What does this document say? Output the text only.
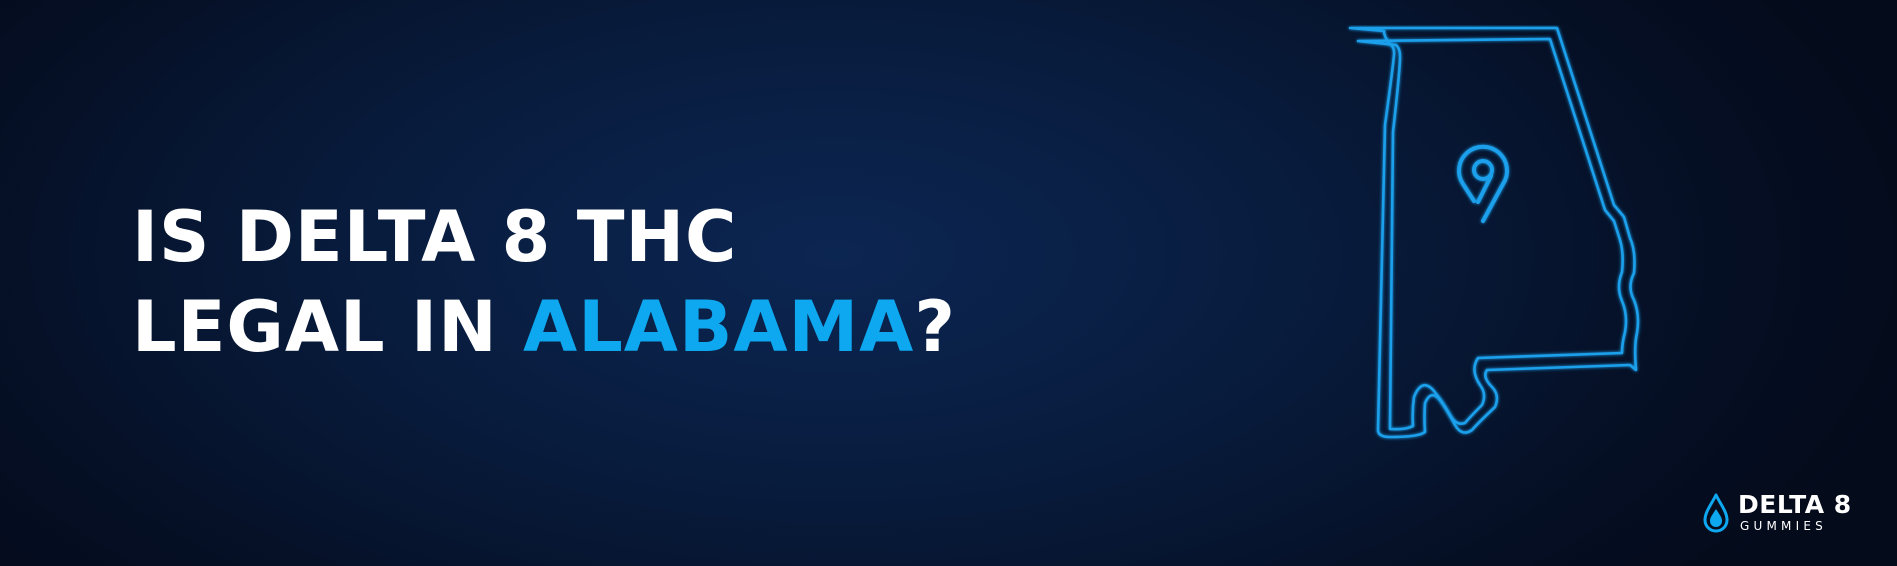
IS DELTA 8 THC
LEGAL IN ALABAMA?
DELTA 8
GUMMIES
